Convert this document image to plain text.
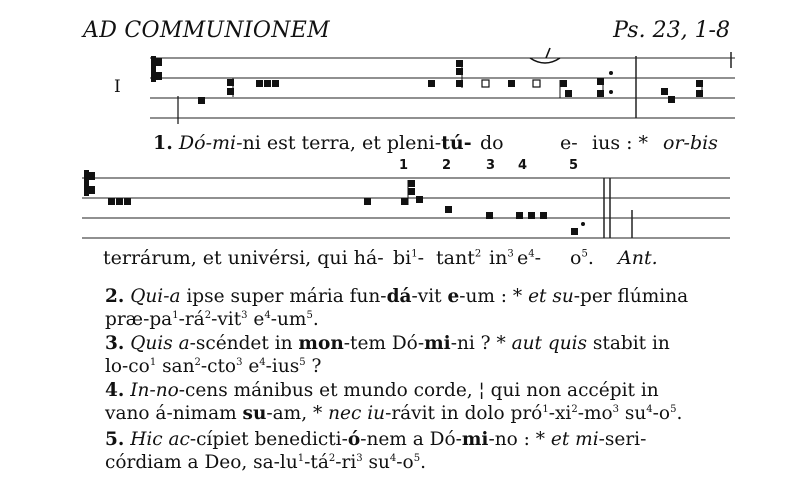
AD COMMUNIONEM	Ps. 23, 1-8
I
1. Dó-mi-ni est terra, et pleni-tú- do	e- ius : * or-bis
1	2	3 4	5
terrárum, et univérsi, qui há- $bi^1-$ tant$^2$ $in^3$ $e^4-$ $o^5$. Ant.

2. Qui-a ipse super mária fun-dá-vit e-um : * et su-per flúmina
præ-$pa^1-rá^2-vit^3$ $e^4-um^5$.

3. Quis a-scéndet in mon-tem Dó-mi-ni ? * aut quis stabit in
$lo-co^1$ san$^2$-cto$^3$ $e^4-ius^5$ ?

4. In-no-cens mánibus et mundo corde, ¦ qui non accépit in
vano á-nimam su-am, * nec iu-rávit in dolo $pró^1-xi^2-mo^3$ $su^4-o^5$.

5. Hic ac-cípiet benedicti-ó-nem a Dó-mi-no : * et mi-seri-
córdiam a Deo, $sa-lu^1-tá^2-ri^3$ $su^4-o^5$.
